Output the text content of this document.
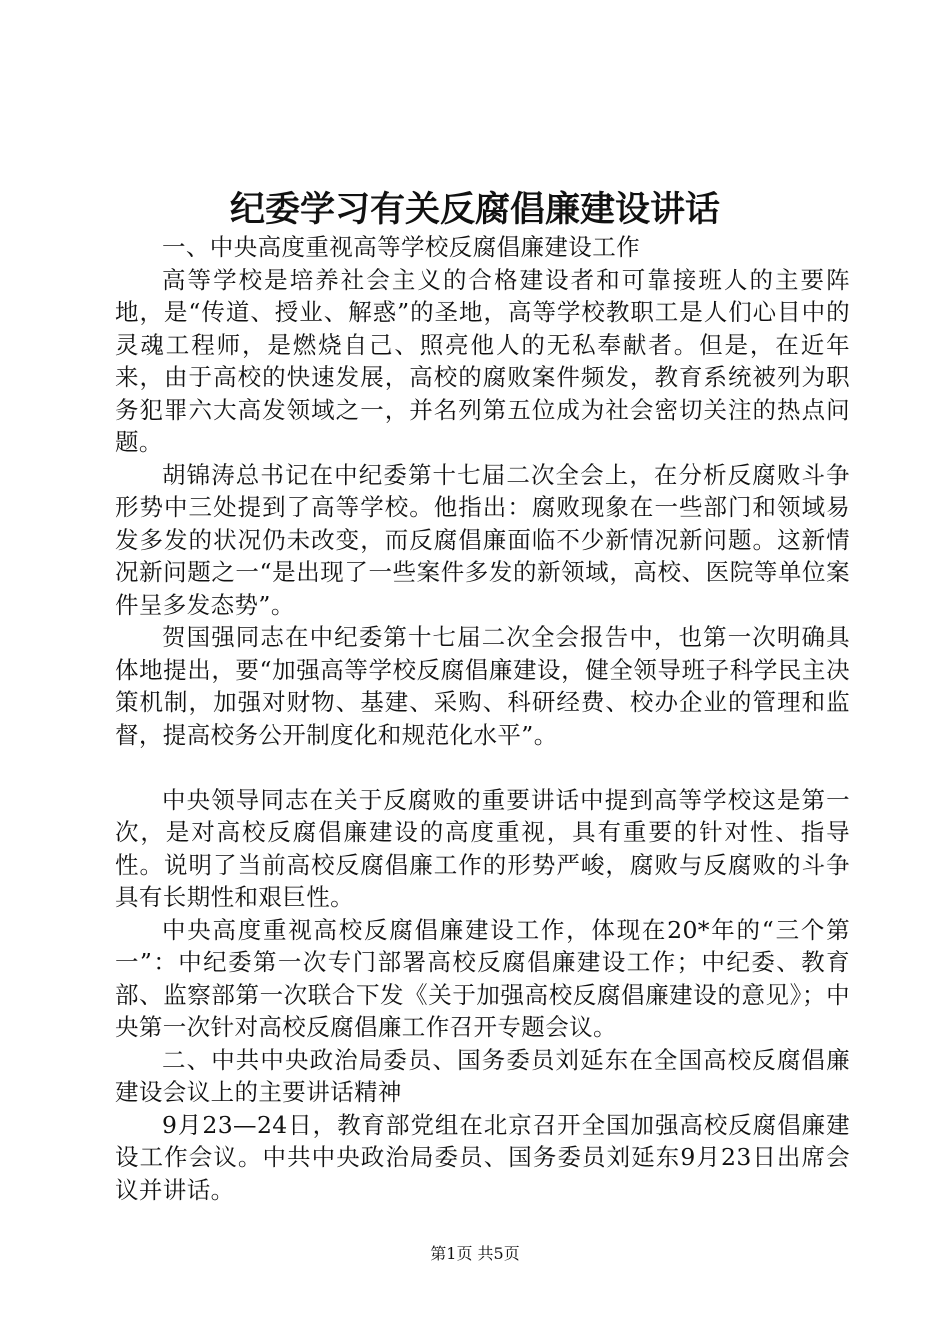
纪委学习有关反腐倡廉建设讲话

一、中央高度重视高等学校反腐倡廉建设工作

高等学校是培养社会主义的合格建设者和可靠接班人的主要阵地，是“传道、授业、解惑”的圣地，高等学校教职工是人们心目中的灵魂工程师，是燃烧自己、照亮他人的无私奉献者。但是，在近年来，由于高校的快速发展，高校的腐败案件频发，教育系统被列为职务犯罪六大高发领域之一，并名列第五位成为社会密切关注的热点问题。

胡锦涛总书记在中纪委第十七届二次全会上，在分析反腐败斗争形势中三处提到了高等学校。他指出：腐败现象在一些部门和领域易发多发的状况仍未改变，而反腐倡廉面临不少新情况新问题。这新情况新问题之一“是出现了一些案件多发的新领域，高校、医院等单位案件呈多发态势”。

贺国强同志在中纪委第十七届二次全会报告中，也第一次明确具体地提出，要“加强高等学校反腐倡廉建设，健全领导班子科学民主决策机制，加强对财物、基建、采购、科研经费、校办企业的管理和监督，提高校务公开制度化和规范化水平”。

中央领导同志在关于反腐败的重要讲话中提到高等学校这是第一次，是对高校反腐倡廉建设的高度重视，具有重要的针对性、指导性。说明了当前高校反腐倡廉工作的形势严峻，腐败与反腐败的斗争具有长期性和艰巨性。

中央高度重视高校反腐倡廉建设工作，体现在20*年的“三个第一”：中纪委第一次专门部署高校反腐倡廉建设工作；中纪委、教育部、监察部第一次联合下发《关于加强高校反腐倡廉建设的意见》；中央第一次针对高校反腐倡廉工作召开专题会议。

二、中共中央政治局委员、国务委员刘延东在全国高校反腐倡廉建设会议上的主要讲话精神

9月23—24日，教育部党组在北京召开全国加强高校反腐倡廉建设工作会议。中共中央政治局委员、国务委员刘延东9月23日出席会议并讲话。

第1页 共5页
